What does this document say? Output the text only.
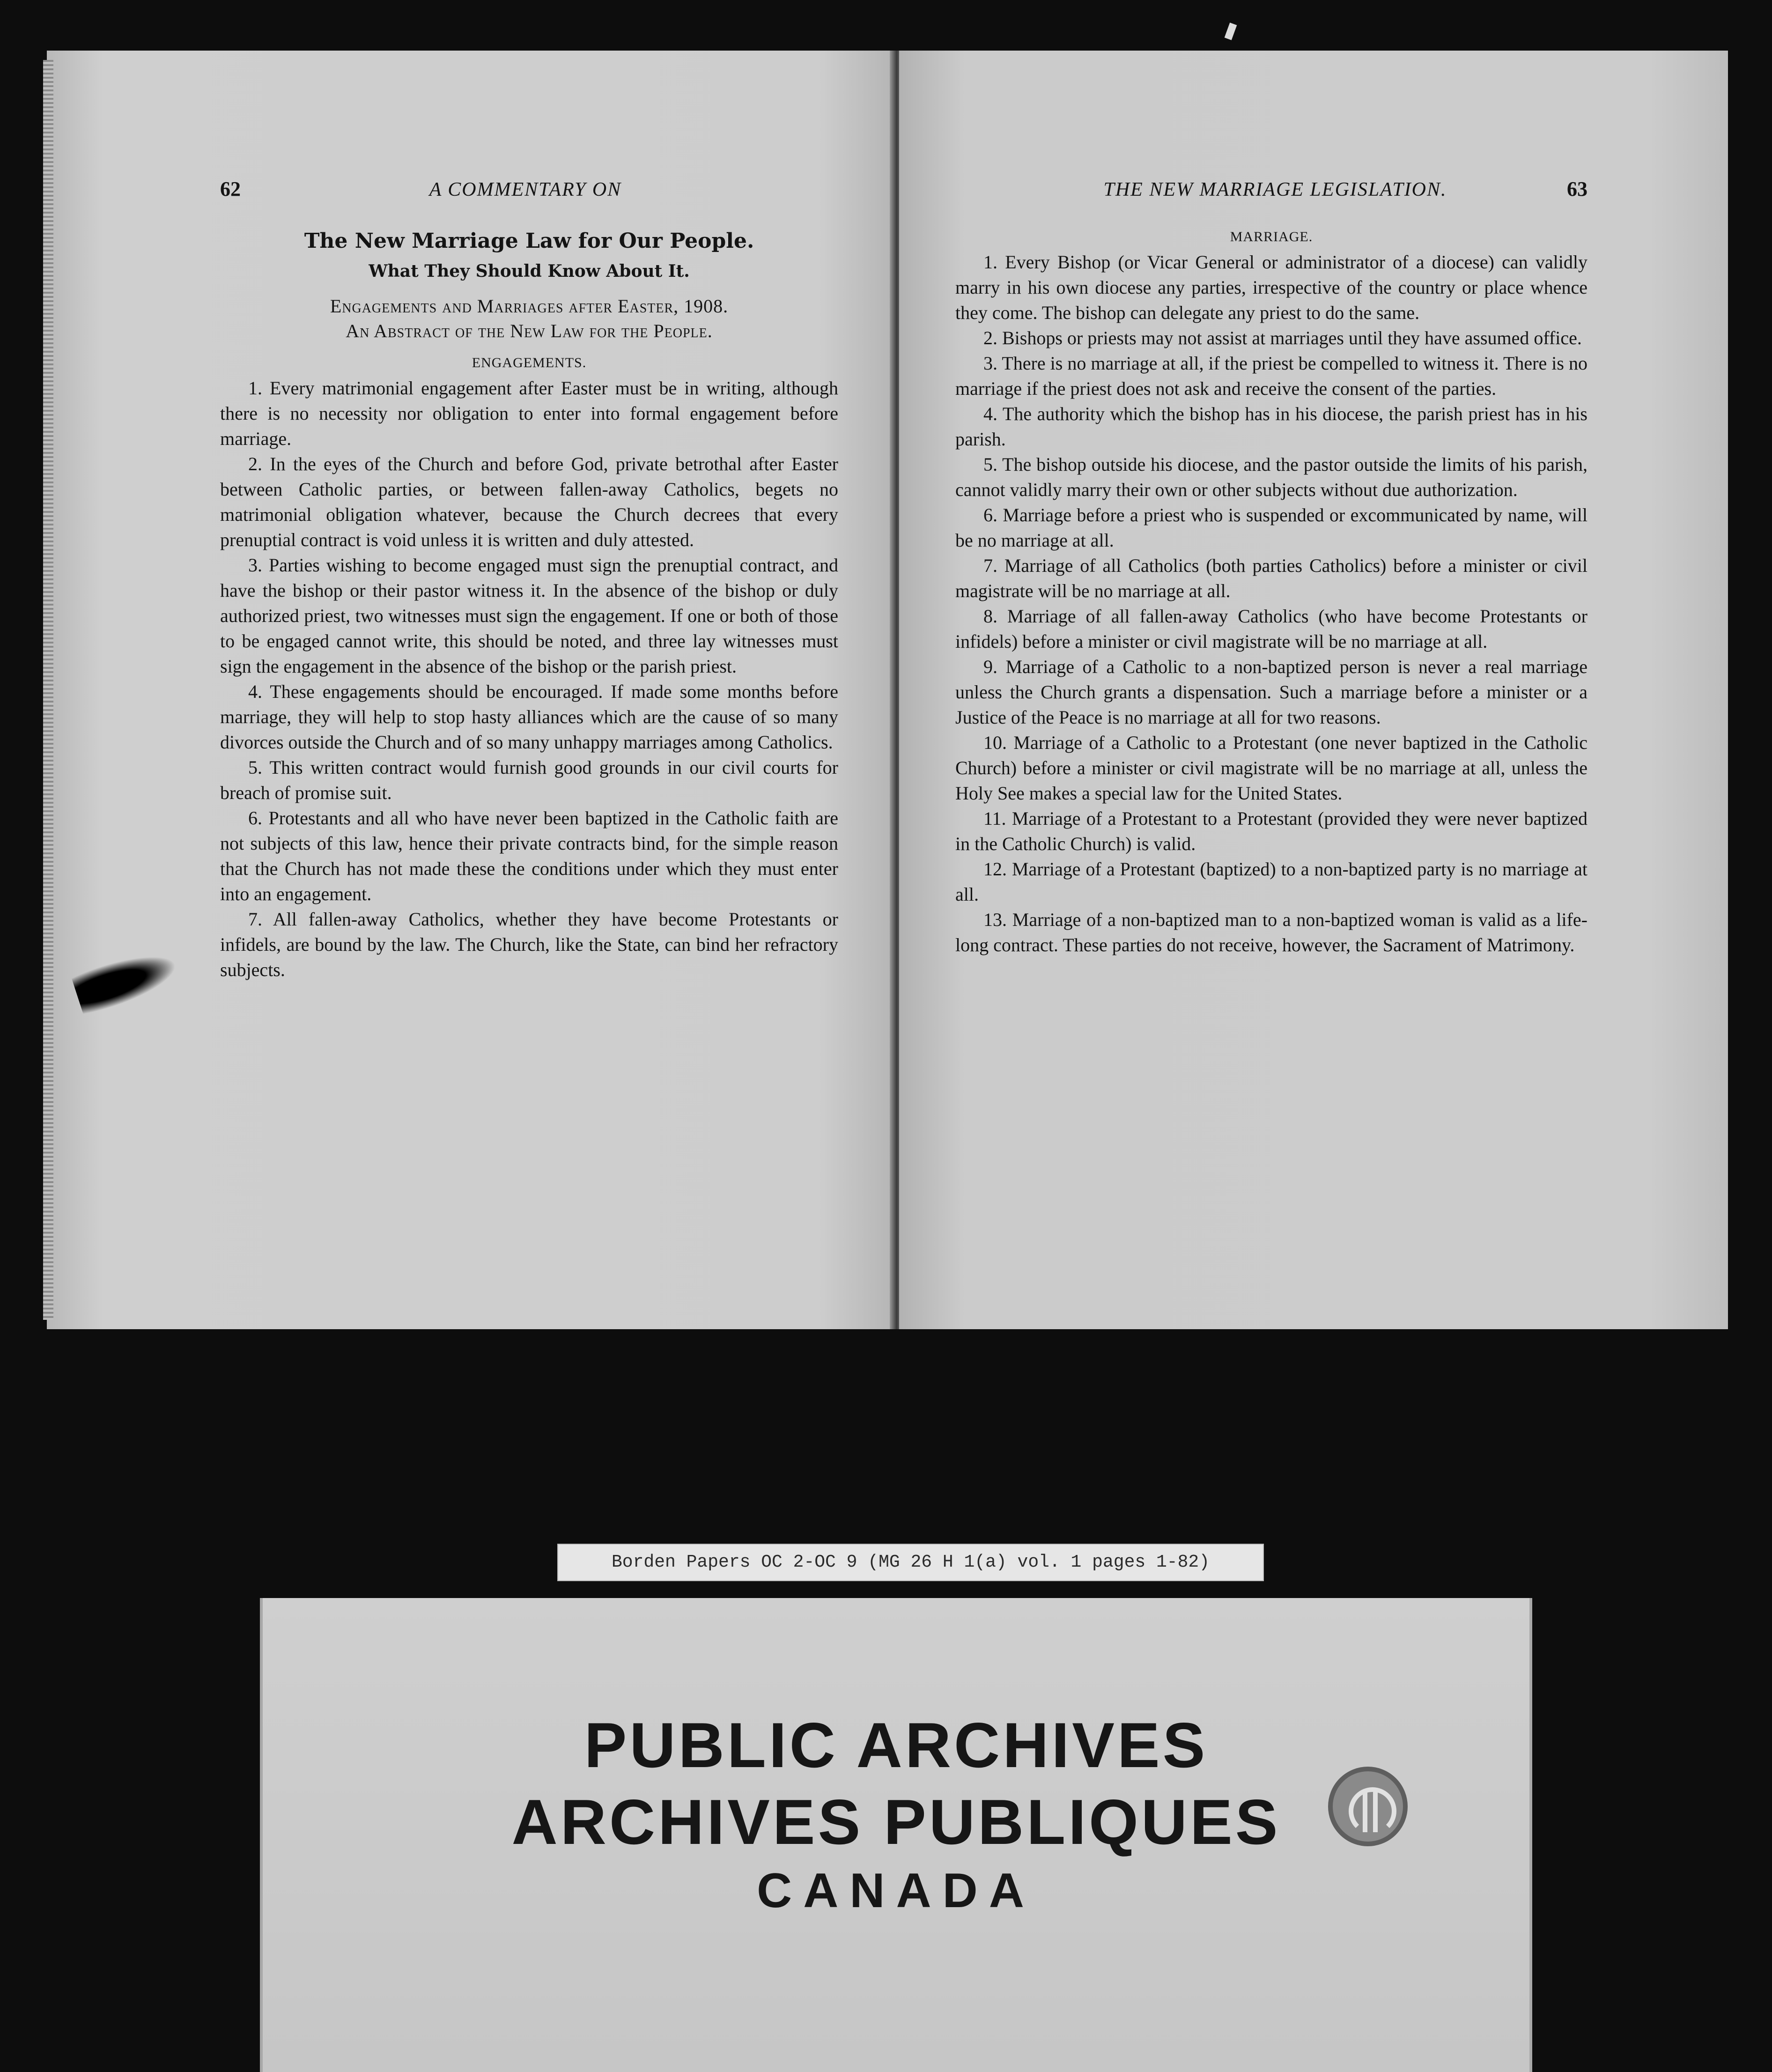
62	A COMMENTARY ON
The New Marriage Law for Our People.
What They Should Know About It.
Engagements and Marriages after Easter, 1908.
An Abstract of the New Law for the People.
ENGAGEMENTS.

1. Every matrimonial engagement after Easter must be in writing, although there is no necessity nor obligation to enter into formal engagement before marriage.

2. In the eyes of the Church and before God, private betrothal after Easter between Catholic parties, or between fallen-away Catholics, begets no matrimonial obligation whatever, because the Church decrees that every prenuptial contract is void unless it is written and duly attested.

3. Parties wishing to become engaged must sign the prenuptial contract, and have the bishop or their pastor witness it. In the absence of the bishop or duly authorized priest, two witnesses must sign the engagement. If one or both of those to be engaged cannot write, this should be noted, and three lay witnesses must sign the engagement in the absence of the bishop or the parish priest.

4. These engagements should be encouraged. If made some months before marriage, they will help to stop hasty alliances which are the cause of so many divorces outside the Church and of so many unhappy marriages among Catholics.

5. This written contract would furnish good grounds in our civil courts for breach of promise suit.

6. Protestants and all who have never been baptized in the Catholic faith are not subjects of this law, hence their private contracts bind, for the simple reason that the Church has not made these the conditions under which they must enter into an engagement.

7. All fallen-away Catholics, whether they have become Protestants or infidels, are bound by the law. The Church, like the State, can bind her refractory subjects.

THE NEW MARRIAGE LEGISLATION.	63
MARRIAGE.

1. Every Bishop (or Vicar General or administrator of a diocese) can validly marry in his own diocese any parties, irrespective of the country or place whence they come. The bishop can delegate any priest to do the same.

2. Bishops or priests may not assist at marriages until they have assumed office.

3. There is no marriage at all, if the priest be compelled to witness it. There is no marriage if the priest does not ask and receive the consent of the parties.

4. The authority which the bishop has in his diocese, the parish priest has in his parish.

5. The bishop outside his diocese, and the pastor outside the limits of his parish, cannot validly marry their own or other subjects without due authorization.

6. Marriage before a priest who is suspended or excommunicated by name, will be no marriage at all.

7. Marriage of all Catholics (both parties Catholics) before a minister or civil magistrate will be no marriage at all.

8. Marriage of all fallen-away Catholics (who have become Protestants or infidels) before a minister or civil magistrate will be no marriage at all.

9. Marriage of a Catholic to a non-baptized person is never a real marriage unless the Church grants a dispensation. Such a marriage before a minister or a Justice of the Peace is no marriage at all for two reasons.

10. Marriage of a Catholic to a Protestant (one never baptized in the Catholic Church) before a minister or civil magistrate will be no marriage at all, unless the Holy See makes a special law for the United States.

11. Marriage of a Protestant to a Protestant (provided they were never baptized in the Catholic Church) is valid.

12. Marriage of a Protestant (baptized) to a non-baptized party is no marriage at all.

13. Marriage of a non-baptized man to a non-baptized woman is valid as a life-long contract. These parties do not receive, however, the Sacrament of Matrimony.

Borden Papers OC 2-OC 9 (MG 26 H 1(a) vol. 1 pages 1-82)
PUBLIC ARCHIVES
ARCHIVES PUBLIQUES
CANADA
